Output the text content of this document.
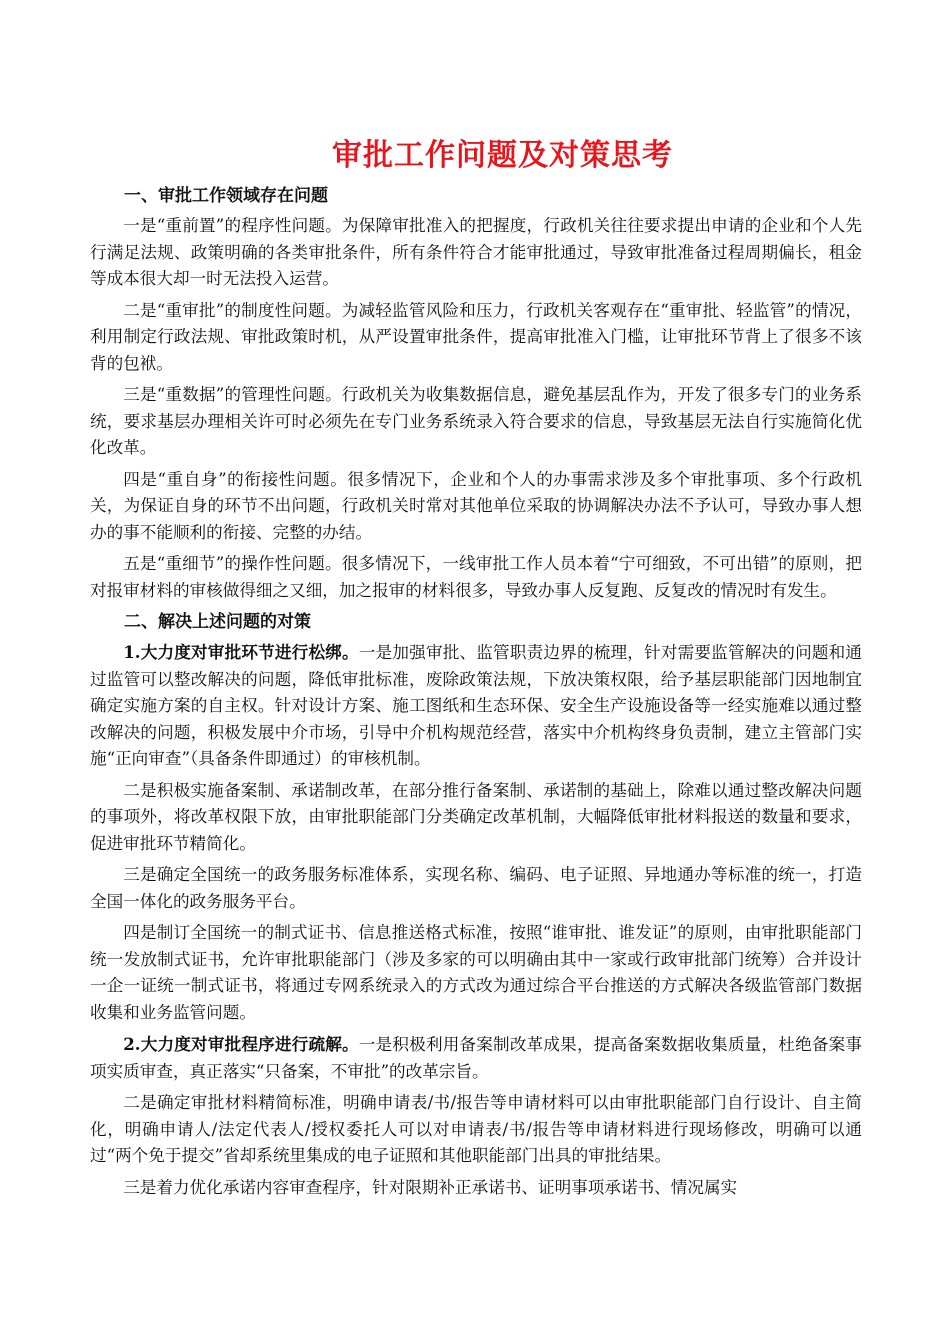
审批工作问题及对策思考
一、审批工作领域存在问题

一是“重前置”的程序性问题。为保障审批准入的把握度，行政机关往往要求提出申请的企业和个人先行满足法规、政策明确的各类审批条件，所有条件符合才能审批通过，导致审批准备过程周期偏长，租金等成本很大却一时无法投入运营。

二是“重审批”的制度性问题。为减轻监管风险和压力，行政机关客观存在“重审批、轻监管”的情况，利用制定行政法规、审批政策时机，从严设置审批条件，提高审批准入门槛，让审批环节背上了很多不该背的包袱。

三是“重数据”的管理性问题。行政机关为收集数据信息，避免基层乱作为，开发了很多专门的业务系统，要求基层办理相关许可时必须先在专门业务系统录入符合要求的信息，导致基层无法自行实施简化优化改革。

四是“重自身”的衔接性问题。很多情况下，企业和个人的办事需求涉及多个审批事项、多个行政机关，为保证自身的环节不出问题，行政机关时常对其他单位采取的协调解决办法不予认可，导致办事人想办的事不能顺利的衔接、完整的办结。

五是“重细节”的操作性问题。很多情况下，一线审批工作人员本着“宁可细致，不可出错”的原则，把对报审材料的审核做得细之又细，加之报审的材料很多，导致办事人反复跑、反复改的情况时有发生。

二、解决上述问题的对策

1.大力度对审批环节进行松绑。一是加强审批、监管职责边界的梳理，针对需要监管解决的问题和通过监管可以整改解决的问题，降低审批标准，废除政策法规，下放决策权限，给予基层职能部门因地制宜确定实施方案的自主权。针对设计方案、施工图纸和生态环保、安全生产设施设备等一经实施难以通过整改解决的问题，积极发展中介市场，引导中介机构规范经营，落实中介机构终身负责制，建立主管部门实施“正向审查”（具备条件即通过）的审核机制。

二是积极实施备案制、承诺制改革，在部分推行备案制、承诺制的基础上，除难以通过整改解决问题的事项外，将改革权限下放，由审批职能部门分类确定改革机制，大幅降低审批材料报送的数量和要求，促进审批环节精简化。

三是确定全国统一的政务服务标准体系，实现名称、编码、电子证照、异地通办等标准的统一，打造全国一体化的政务服务平台。

四是制订全国统一的制式证书、信息推送格式标准，按照“谁审批、谁发证”的原则，由审批职能部门统一发放制式证书，允许审批职能部门（涉及多家的可以明确由其中一家或行政审批部门统筹）合并设计一企一证统一制式证书，将通过专网系统录入的方式改为通过综合平台推送的方式解决各级监管部门数据收集和业务监管问题。

2.大力度对审批程序进行疏解。一是积极利用备案制改革成果，提高备案数据收集质量，杜绝备案事项实质审查，真正落实“只备案，不审批”的改革宗旨。

二是确定审批材料精简标准，明确申请表/书/报告等申请材料可以由审批职能部门自行设计、自主简化，明确申请人/法定代表人/授权委托人可以对申请表/书/报告等申请材料进行现场修改，明确可以通过“两个免于提交”省却系统里集成的电子证照和其他职能部门出具的审批结果。

三是着力优化承诺内容审查程序，针对限期补正承诺书、证明事项承诺书、情况属实
